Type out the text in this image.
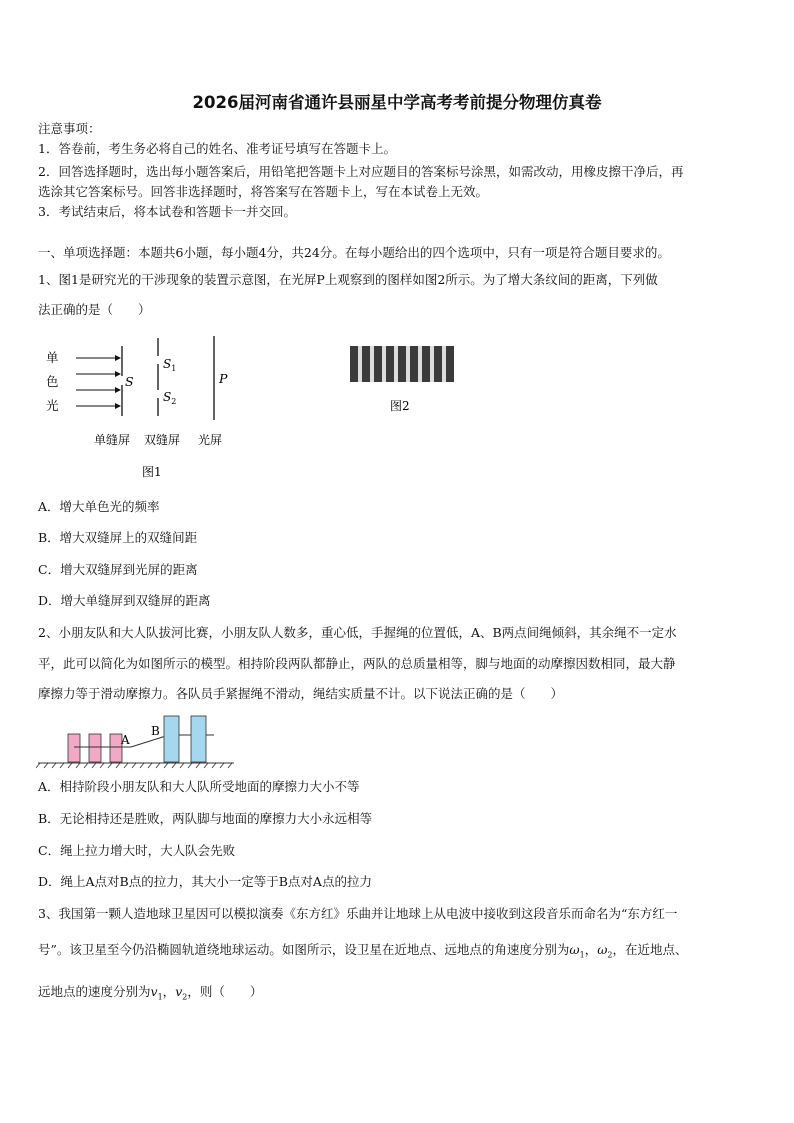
2026届河南省通许县丽星中学高考考前提分物理仿真卷
注意事项：
1．答卷前，考生务必将自己的姓名、准考证号填写在答题卡上。
2．回答选择题时，选出每小题答案后，用铅笔把答题卡上对应题目的答案标号涂黑，如需改动，用橡皮擦干净后，再
选涂其它答案标号。回答非选择题时，将答案写在答题卡上，写在本试卷上无效。
3．考试结束后，将本试卷和答题卡一并交回。
一、单项选择题：本题共6小题，每小题4分，共24分。在每小题给出的四个选项中，只有一项是符合题目要求的。
1、图1是研究光的干涉现象的装置示意图，在光屏P上观察到的图样如图2所示。为了增大条纹间的距离，下列做
法正确的是（　　）
单
色
光
S
$S_1$
$S_2$
P
单缝屏 双缝屏 光屏
图1
图2
A．增大单色光的频率
B．增大双缝屏上的双缝间距
C．增大双缝屏到光屏的距离
D．增大单缝屏到双缝屏的距离
2、小朋友队和大人队拔河比赛，小朋友队人数多，重心低，手握绳的位置低，A、B两点间绳倾斜，其余绳不一定水
平，此可以简化为如图所示的模型。相持阶段两队都静止，两队的总质量相等，脚与地面的动摩擦因数相同，最大静
摩擦力等于滑动摩擦力。各队员手紧握绳不滑动，绳结实质量不计。以下说法正确的是（　　）
A
B
A．相持阶段小朋友队和大人队所受地面的摩擦力大小不等
B．无论相持还是胜败，两队脚与地面的摩擦力大小永远相等
C．绳上拉力增大时，大人队会先败
D．绳上A点对B点的拉力，其大小一定等于B点对A点的拉力
3、我国第一颗人造地球卫星因可以模拟演奏《东方红》乐曲并让地球上从电波中接收到这段音乐而命名为“东方红一
号”。该卫星至今仍沿椭圆轨道绕地球运动。如图所示，设卫星在近地点、远地点的角速度分别为$\omega_1$，$\omega_2$，在近地点、
远地点的速度分别为$v_1$，$v_2$，则（　　）
